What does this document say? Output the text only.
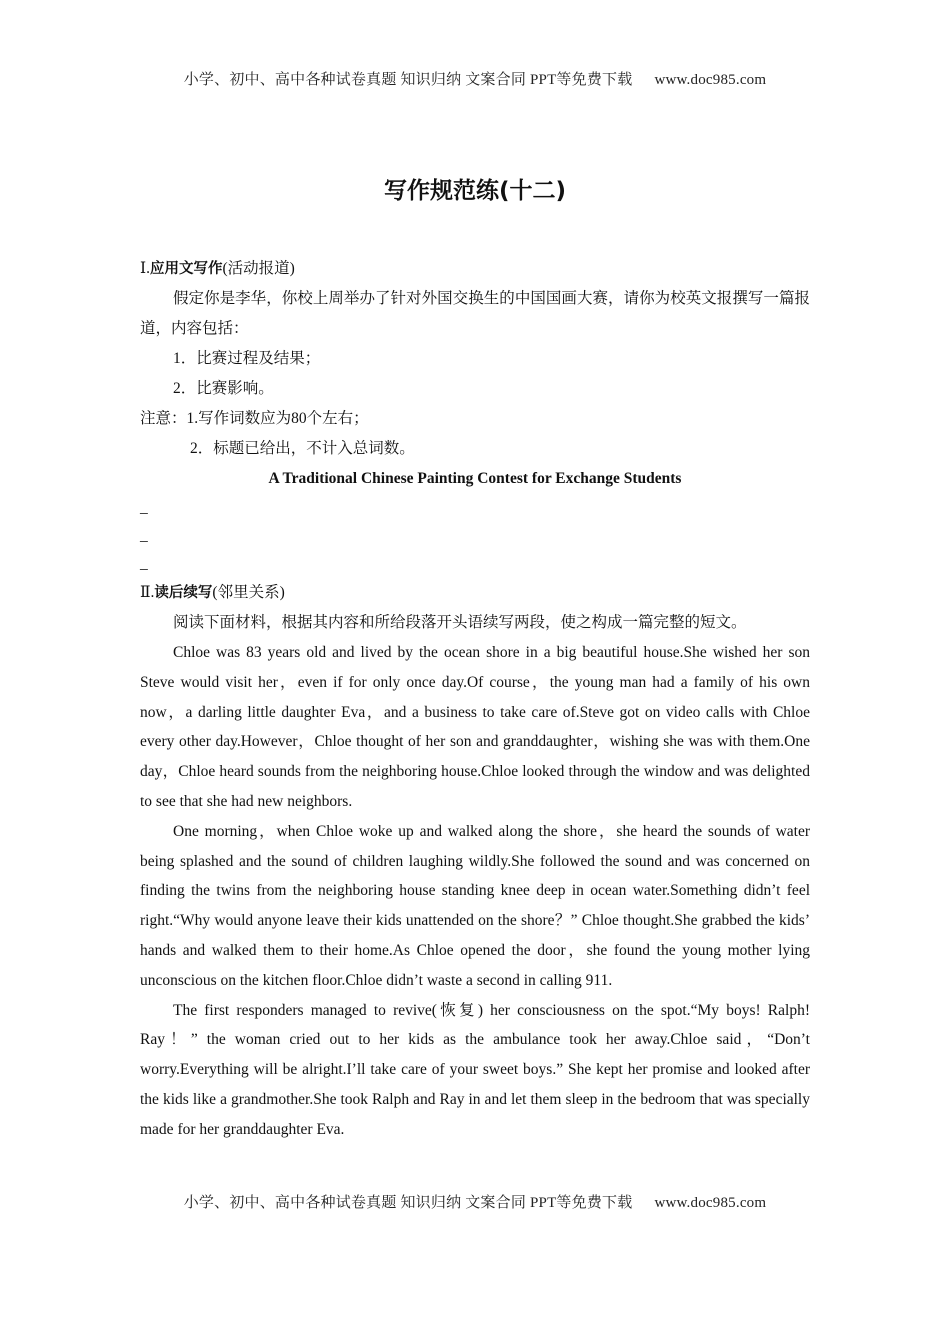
小学、初中、高中各种试卷真题 知识归纳 文案合同 PPT等免费下载 www.doc985.com
写作规范练(十二)
Ⅰ.应用文写作(活动报道)

假定你是李华，你校上周举办了针对外国交换生的中国国画大赛，请你为校英文报撰写一篇报道，内容包括：

1．比赛过程及结果；

2．比赛影响。

注意：1.写作词数应为80个左右；

2．标题已给出，不计入总词数。

A Traditional Chinese Painting Contest for Exchange Students

_

_

_

Ⅱ.读后续写(邻里关系)

阅读下面材料，根据其内容和所给段落开头语续写两段，使之构成一篇完整的短文。

Chloe was 83 years old and lived by the ocean shore in a big beautiful house.She wished her son Steve would visit her，even if for only once day.Of course，the young man had a family of his own now，a darling little daughter Eva，and a business to take care of.Steve got on video calls with Chloe every other day.However，Chloe thought of her son and granddaughter，wishing she was with them.One day，Chloe heard sounds from the neighboring house.Chloe looked through the window and was delighted to see that she had new neighbors.

One morning，when Chloe woke up and walked along the shore，she heard the sounds of water being splashed and the sound of children laughing wildly.She followed the sound and was concerned on finding the twins from the neighboring house standing knee deep in ocean water.Something didn’t feel right.“Why would anyone leave their kids unattended on the shore？” Chloe thought.She grabbed the kids’ hands and walked them to their home.As Chloe opened the door，she found the young mother lying unconscious on the kitchen floor.Chloe didn’t waste a second in calling 911.

The first responders managed to revive(恢复) her consciousness on the spot.“My boys! Ralph! Ray！” the woman cried out to her kids as the ambulance took her away.Chloe said，“Don’t worry.Everything will be alright.I’ll take care of your sweet boys.” She kept her promise and looked after the kids like a grandmother.She took Ralph and Ray in and let them sleep in the bedroom that was specially made for her granddaughter Eva.

小学、初中、高中各种试卷真题 知识归纳 文案合同 PPT等免费下载 www.doc985.com
